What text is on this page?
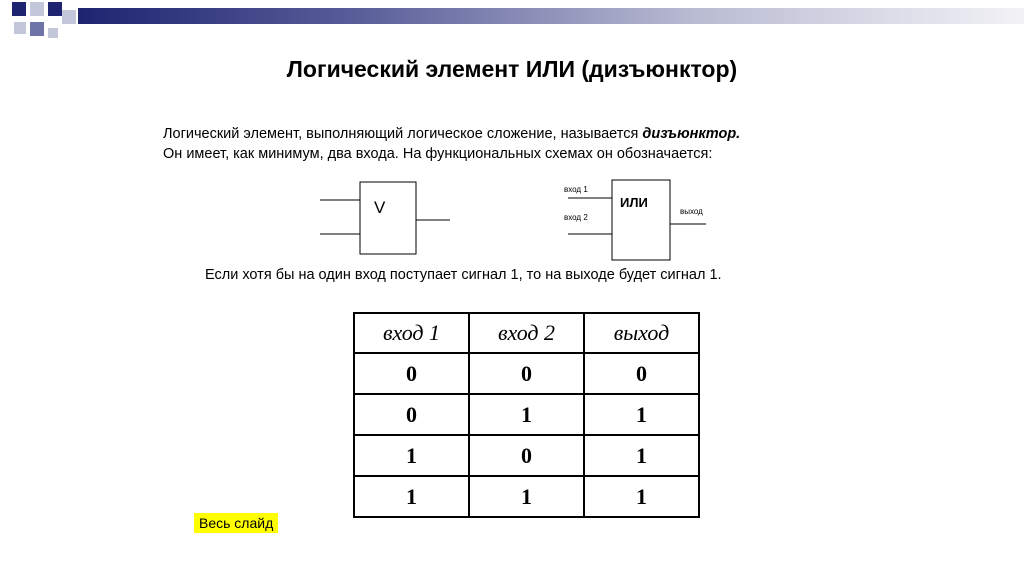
Логический элемент ИЛИ (дизъюнктор)
Логический элемент, выполняющий логическое сложение, называется дизъюнктор.
Он имеет, как минимум, два входа. На функциональных схемах он обозначается:
V
вход 1
вход 2
ИЛИ
выход
Если хотя бы на один вход поступает сигнал 1, то на выходе будет сигнал 1.
вход 1	вход 2	выход
0	0	0
0	1	1
1	0	1
1	1	1
Весь слайд
